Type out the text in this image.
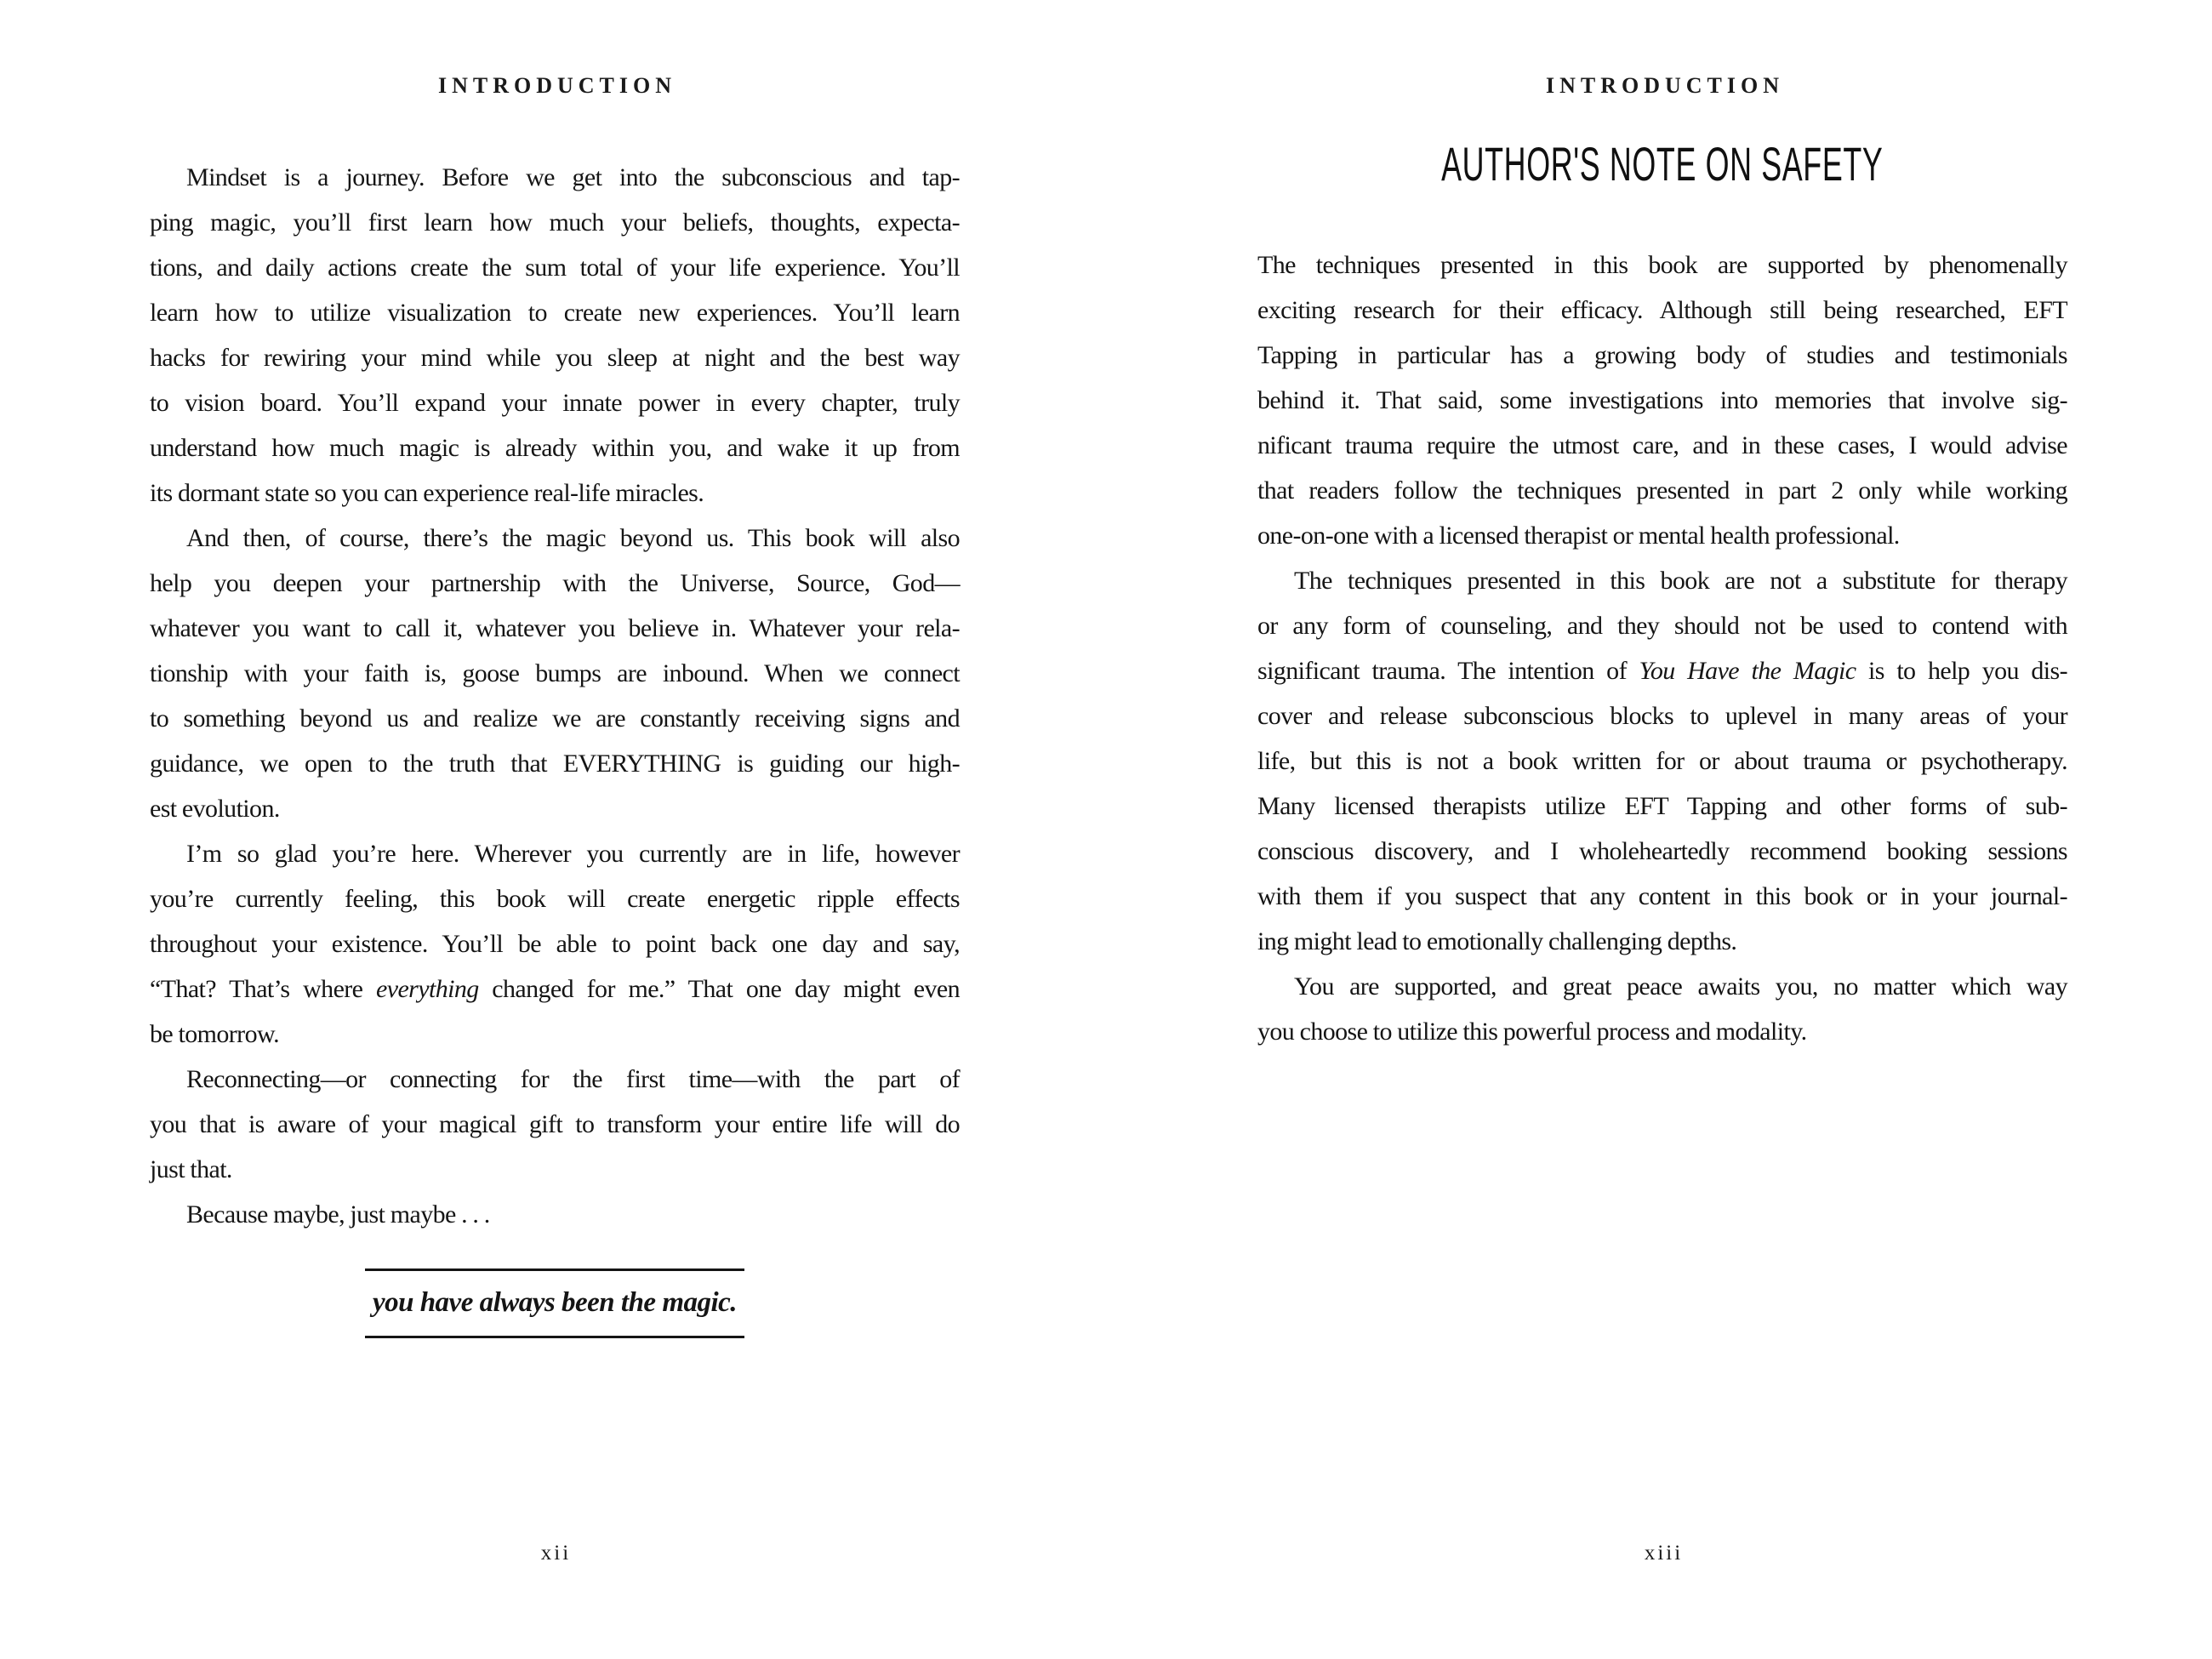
INTRODUCTION
Mindset is a journey. Before we get into the subconscious and tap-
ping magic, you’ll first learn how much your beliefs, thoughts, expecta-
tions, and daily actions create the sum total of your life experience. You’ll
learn how to utilize visualization to create new experiences. You’ll learn
hacks for rewiring your mind while you sleep at night and the best way
to vision board. You’ll expand your innate power in every chapter, truly
understand how much magic is already within you, and wake it up from
its dormant state so you can experience real-life miracles.
And then, of course, there’s the magic beyond us. This book will also
help you deepen your partnership with the Universe, Source, God—
whatever you want to call it, whatever you believe in. Whatever your rela-
tionship with your faith is, goose bumps are inbound. When we connect
to something beyond us and realize we are constantly receiving signs and
guidance, we open to the truth that EVERYTHING is guiding our high-
est evolution.
I’m so glad you’re here. Wherever you currently are in life, however
you’re currently feeling, this book will create energetic ripple effects
throughout your existence. You’ll be able to point back one day and say,
“That? That’s where everything changed for me.” That one day might even
be tomorrow.
Reconnecting—or connecting for the first time—with the part of
you that is aware of your magical gift to transform your entire life will do
just that.
Because maybe, just maybe . . .
you have always been the magic.
xii
INTRODUCTION
AUTHOR'S NOTE ON SAFETY
The techniques presented in this book are supported by phenomenally
exciting research for their efficacy. Although still being researched, EFT
Tapping in particular has a growing body of studies and testimonials
behind it. That said, some investigations into memories that involve sig-
nificant trauma require the utmost care, and in these cases, I would advise
that readers follow the techniques presented in part 2 only while working
one-on-one with a licensed therapist or mental health professional.
The techniques presented in this book are not a substitute for therapy
or any form of counseling, and they should not be used to contend with
significant trauma. The intention of You Have the Magic is to help you dis-
cover and release subconscious blocks to uplevel in many areas of your
life, but this is not a book written for or about trauma or psychotherapy.
Many licensed therapists utilize EFT Tapping and other forms of sub-
conscious discovery, and I wholeheartedly recommend booking sessions
with them if you suspect that any content in this book or in your journal-
ing might lead to emotionally challenging depths.
You are supported, and great peace awaits you, no matter which way
you choose to utilize this powerful process and modality.
xiii
